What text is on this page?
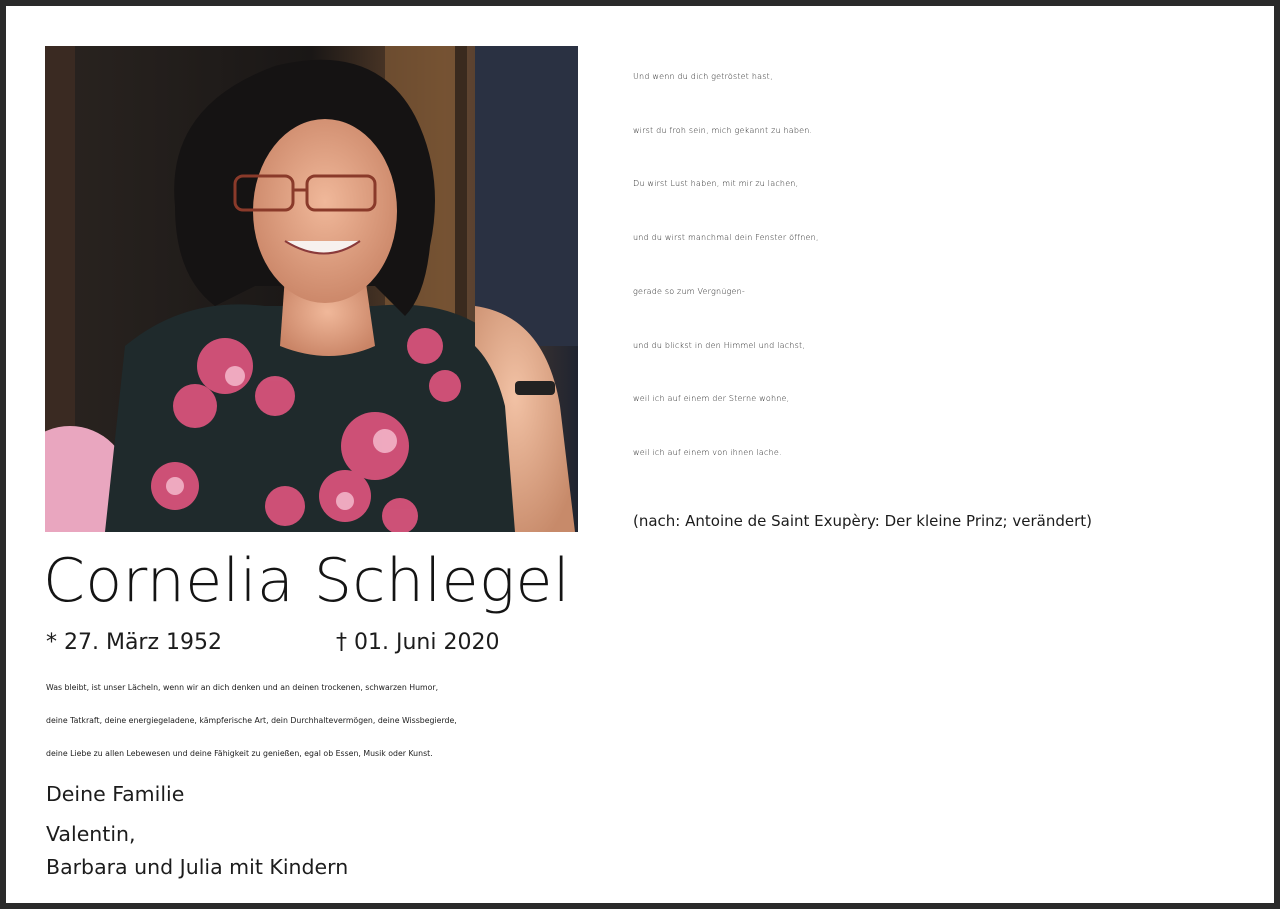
Und wenn du dich getröstet hast,
wirst du froh sein, mich gekannt zu haben.
Du wirst Lust haben, mit mir zu lachen,
und du wirst manchmal dein Fenster öffnen,
gerade so zum Vergnügen-
und du blickst in den Himmel und lachst,
weil ich auf einem der Sterne wohne,
weil ich auf einem von ihnen lache.
(nach: Antoine de Saint Exupèry: Der kleine Prinz; verändert)
Cornelia Schlegel
* 27. März 1952	† 01. Juni 2020
Was bleibt, ist unser Lächeln, wenn wir an dich denken und an deinen trockenen, schwarzen Humor,
deine Tatkraft, deine energiegeladene, kämpferische Art, dein Durchhaltevermögen, deine Wissbegierde,
deine Liebe zu allen Lebewesen und deine Fähigkeit zu genießen, egal ob Essen, Musik oder Kunst.
Deine Familie
Valentin,
Barbara und Julia mit Kindern
